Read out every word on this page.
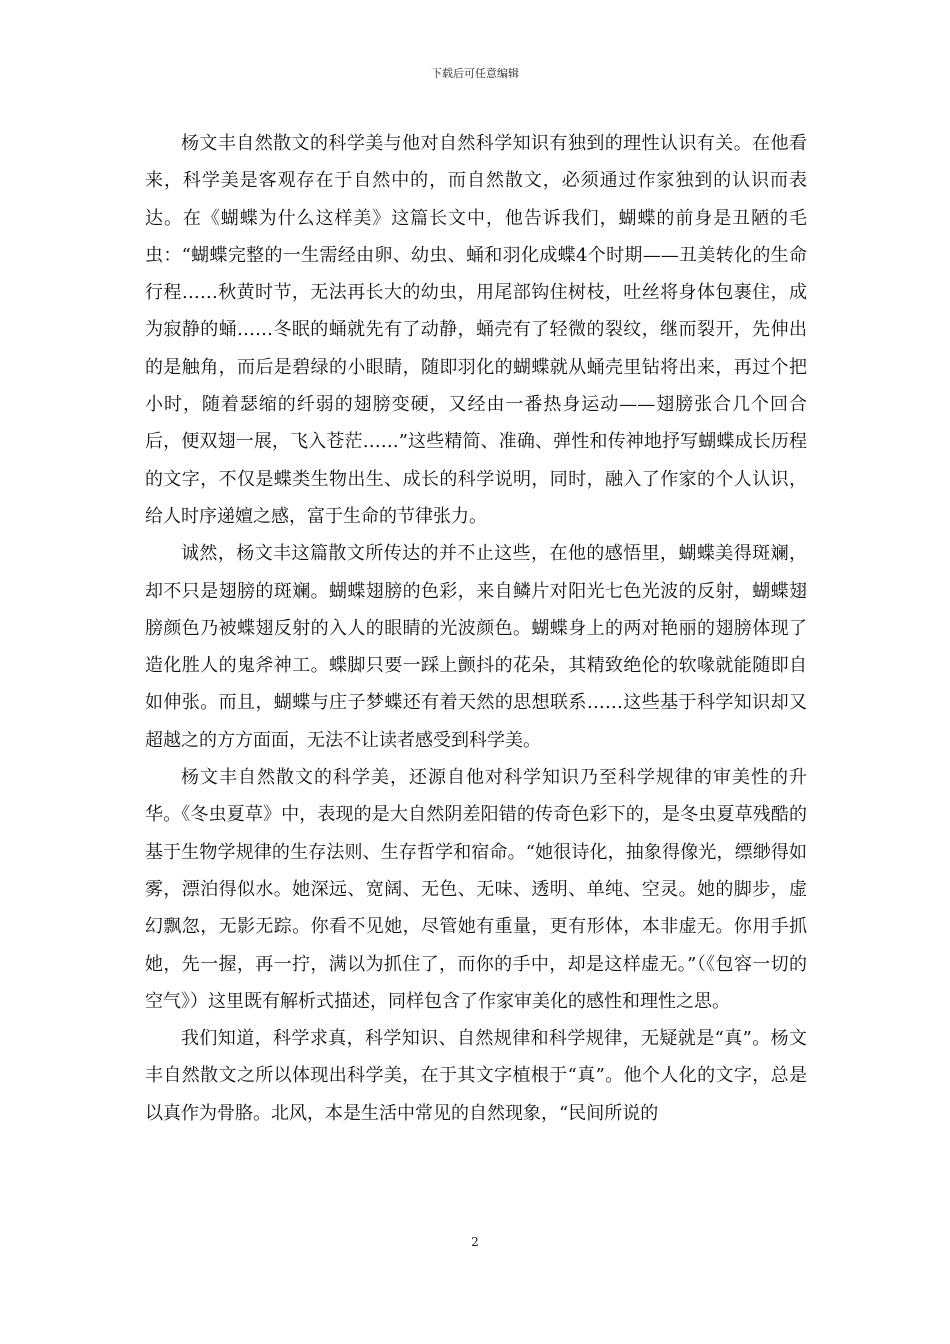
下载后可任意编辑

杨文丰自然散文的科学美与他对自然科学知识有独到的理性认识有关。在他看来，科学美是客观存在于自然中的，而自然散文，必须通过作家独到的认识而表达。在《蝴蝶为什么这样美》这篇长文中，他告诉我们，蝴蝶的前身是丑陋的毛虫：“蝴蝶完整的一生需经由卵、幼虫、蛹和羽化成蝶4个时期——丑美转化的生命行程……秋黄时节，无法再长大的幼虫，用尾部钩住树枝，吐丝将身体包裹住，成为寂静的蛹……冬眠的蛹就先有了动静，蛹壳有了轻微的裂纹，继而裂开，先伸出的是触角，而后是碧绿的小眼睛，随即羽化的蝴蝶就从蛹壳里钻将出来，再过个把小时，随着瑟缩的纤弱的翅膀变硬，又经由一番热身运动——翅膀张合几个回合后，便双翅一展，飞入苍茫……”这些精简、准确、弹性和传神地抒写蝴蝶成长历程的文字，不仅是蝶类生物出生、成长的科学说明，同时，融入了作家的个人认识，给人时序递嬗之感，富于生命的节律张力。

诚然，杨文丰这篇散文所传达的并不止这些，在他的感悟里，蝴蝶美得斑斓，却不只是翅膀的斑斓。蝴蝶翅膀的色彩，来自鳞片对阳光七色光波的反射，蝴蝶翅膀颜色乃被蝶翅反射的入人的眼睛的光波颜色。蝴蝶身上的两对艳丽的翅膀体现了造化胜人的鬼斧神工。蝶脚只要一踩上颤抖的花朵，其精致绝伦的软喙就能随即自如伸张。而且，蝴蝶与庄子梦蝶还有着天然的思想联系……这些基于科学知识却又超越之的方方面面，无法不让读者感受到科学美。

杨文丰自然散文的科学美，还源自他对科学知识乃至科学规律的审美性的升华。《冬虫夏草》中，表现的是大自然阴差阳错的传奇色彩下的，是冬虫夏草残酷的基于生物学规律的生存法则、生存哲学和宿命。“她很诗化，抽象得像光，缥缈得如雾，漂泊得似水。她深远、宽阔、无色、无味、透明、单纯、空灵。她的脚步，虚幻飘忽，无影无踪。你看不见她，尽管她有重量，更有形体，本非虚无。你用手抓她，先一握，再一拧，满以为抓住了，而你的手中，却是这样虚无。”（《包容一切的空气》）这里既有解析式描述，同样包含了作家审美化的感性和理性之思。

我们知道，科学求真，科学知识、自然规律和科学规律，无疑就是“真”。杨文丰自然散文之所以体现出科学美，在于其文字植根于“真”。他个人化的文字，总是以真作为骨胳。北风，本是生活中常见的自然现象，“民间所说的

2
